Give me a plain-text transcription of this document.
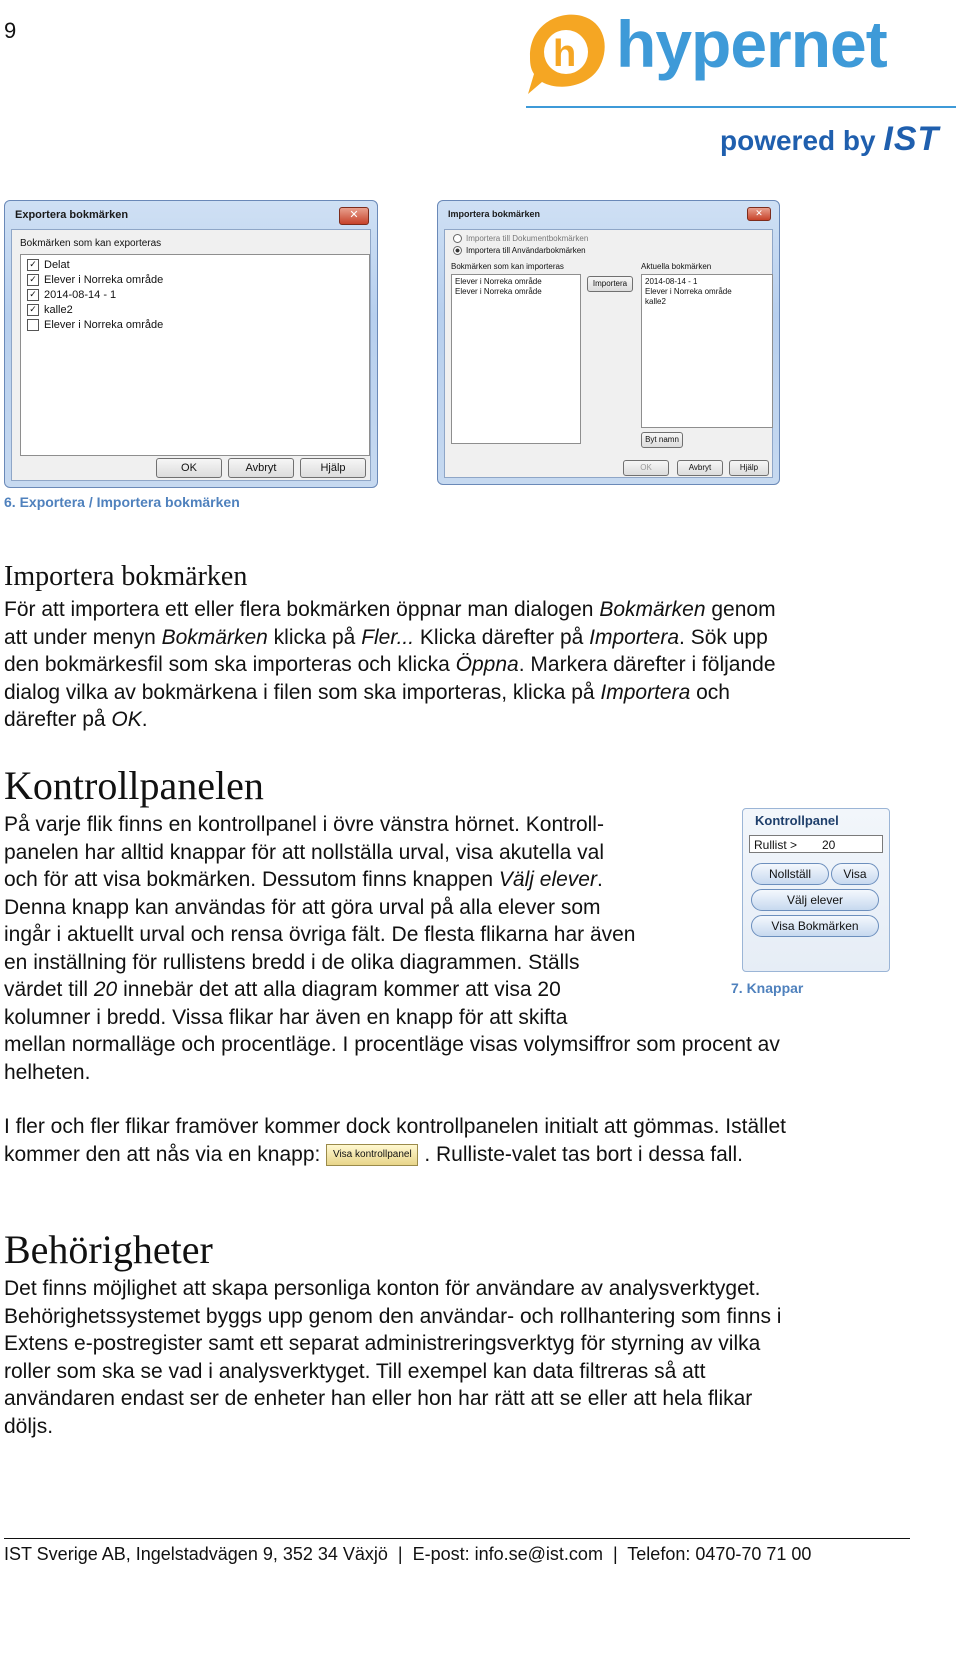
9
h hypernet
powered by IST
Exportera bokmärken	✕
Bokmärken som kan exporteras
✓ Delat
✓ Elever i Norreka område
✓ 2014-08-14 - 1
✓ kalle2
Elever i Norreka område
OK	Avbryt	Hjälp
Importera bokmärken	✕
Importera till Dokumentbokmärken
Importera till Användarbokmärken
Bokmärken som kan importeras
Elever i Norreka område
Elever i Norreka område
Importera
Aktuella bokmärken
2014-08-14 - 1
Elever i Norreka område
kalle2
Byt namn
OK	Avbryt	Hjälp
6. Exportera / Importera bokmärken
Importera bokmärken
För att importera ett eller flera bokmärken öppnar man dialogen Bokmärken genom
att under menyn Bokmärken klicka på Fler... Klicka därefter på Importera. Sök upp
den bokmärkesfil som ska importeras och klicka Öppna. Markera därefter i följande
dialog vilka av bokmärkena i filen som ska importeras, klicka på Importera och
därefter på OK.
Kontrollpanelen
På varje flik finns en kontrollpanel i övre vänstra hörnet. Kontroll-
panelen har alltid knappar för att nollställa urval, visa akutella val
och för att visa bokmärken. Dessutom finns knappen Välj elever.
Denna knapp kan användas för att göra urval på alla elever som
ingår i aktuellt urval och rensa övriga fält. De flesta flikarna har även
en inställning för rullistens bredd i de olika diagrammen. Ställs
värdet till 20 innebär det att alla diagram kommer att visa 20
kolumner i bredd. Vissa flikar har även en knapp för att skifta
mellan normalläge och procentläge. I procentläge visas volymsiffror som procent av
helheten.
I fler och fler flikar framöver kommer dock kontrollpanelen initialt att gömmas. Istället
kommer den att nås via en knapp: Visa kontrollpanel . Rulliste-valet tas bort i dessa fall.
Kontrollpanel
Rullist > 20
Nollställ	Visa
Välj elever
Visa Bokmärken
7. Knappar
Behörigheter
Det finns möjlighet att skapa personliga konton för användare av analysverktyget.
Behörighetssystemet byggs upp genom den användar- och rollhantering som finns i
Extens e-postregister samt ett separat administreringsverktyg för styrning av vilka
roller som ska se vad i analysverktyget. Till exempel kan data filtreras så att
användaren endast ser de enheter han eller hon har rätt att se eller att hela flikar
döljs.
IST Sverige AB, Ingelstadvägen 9, 352 34 Växjö  |  E-post: info.se@ist.com  |  Telefon: 0470-70 71 00
